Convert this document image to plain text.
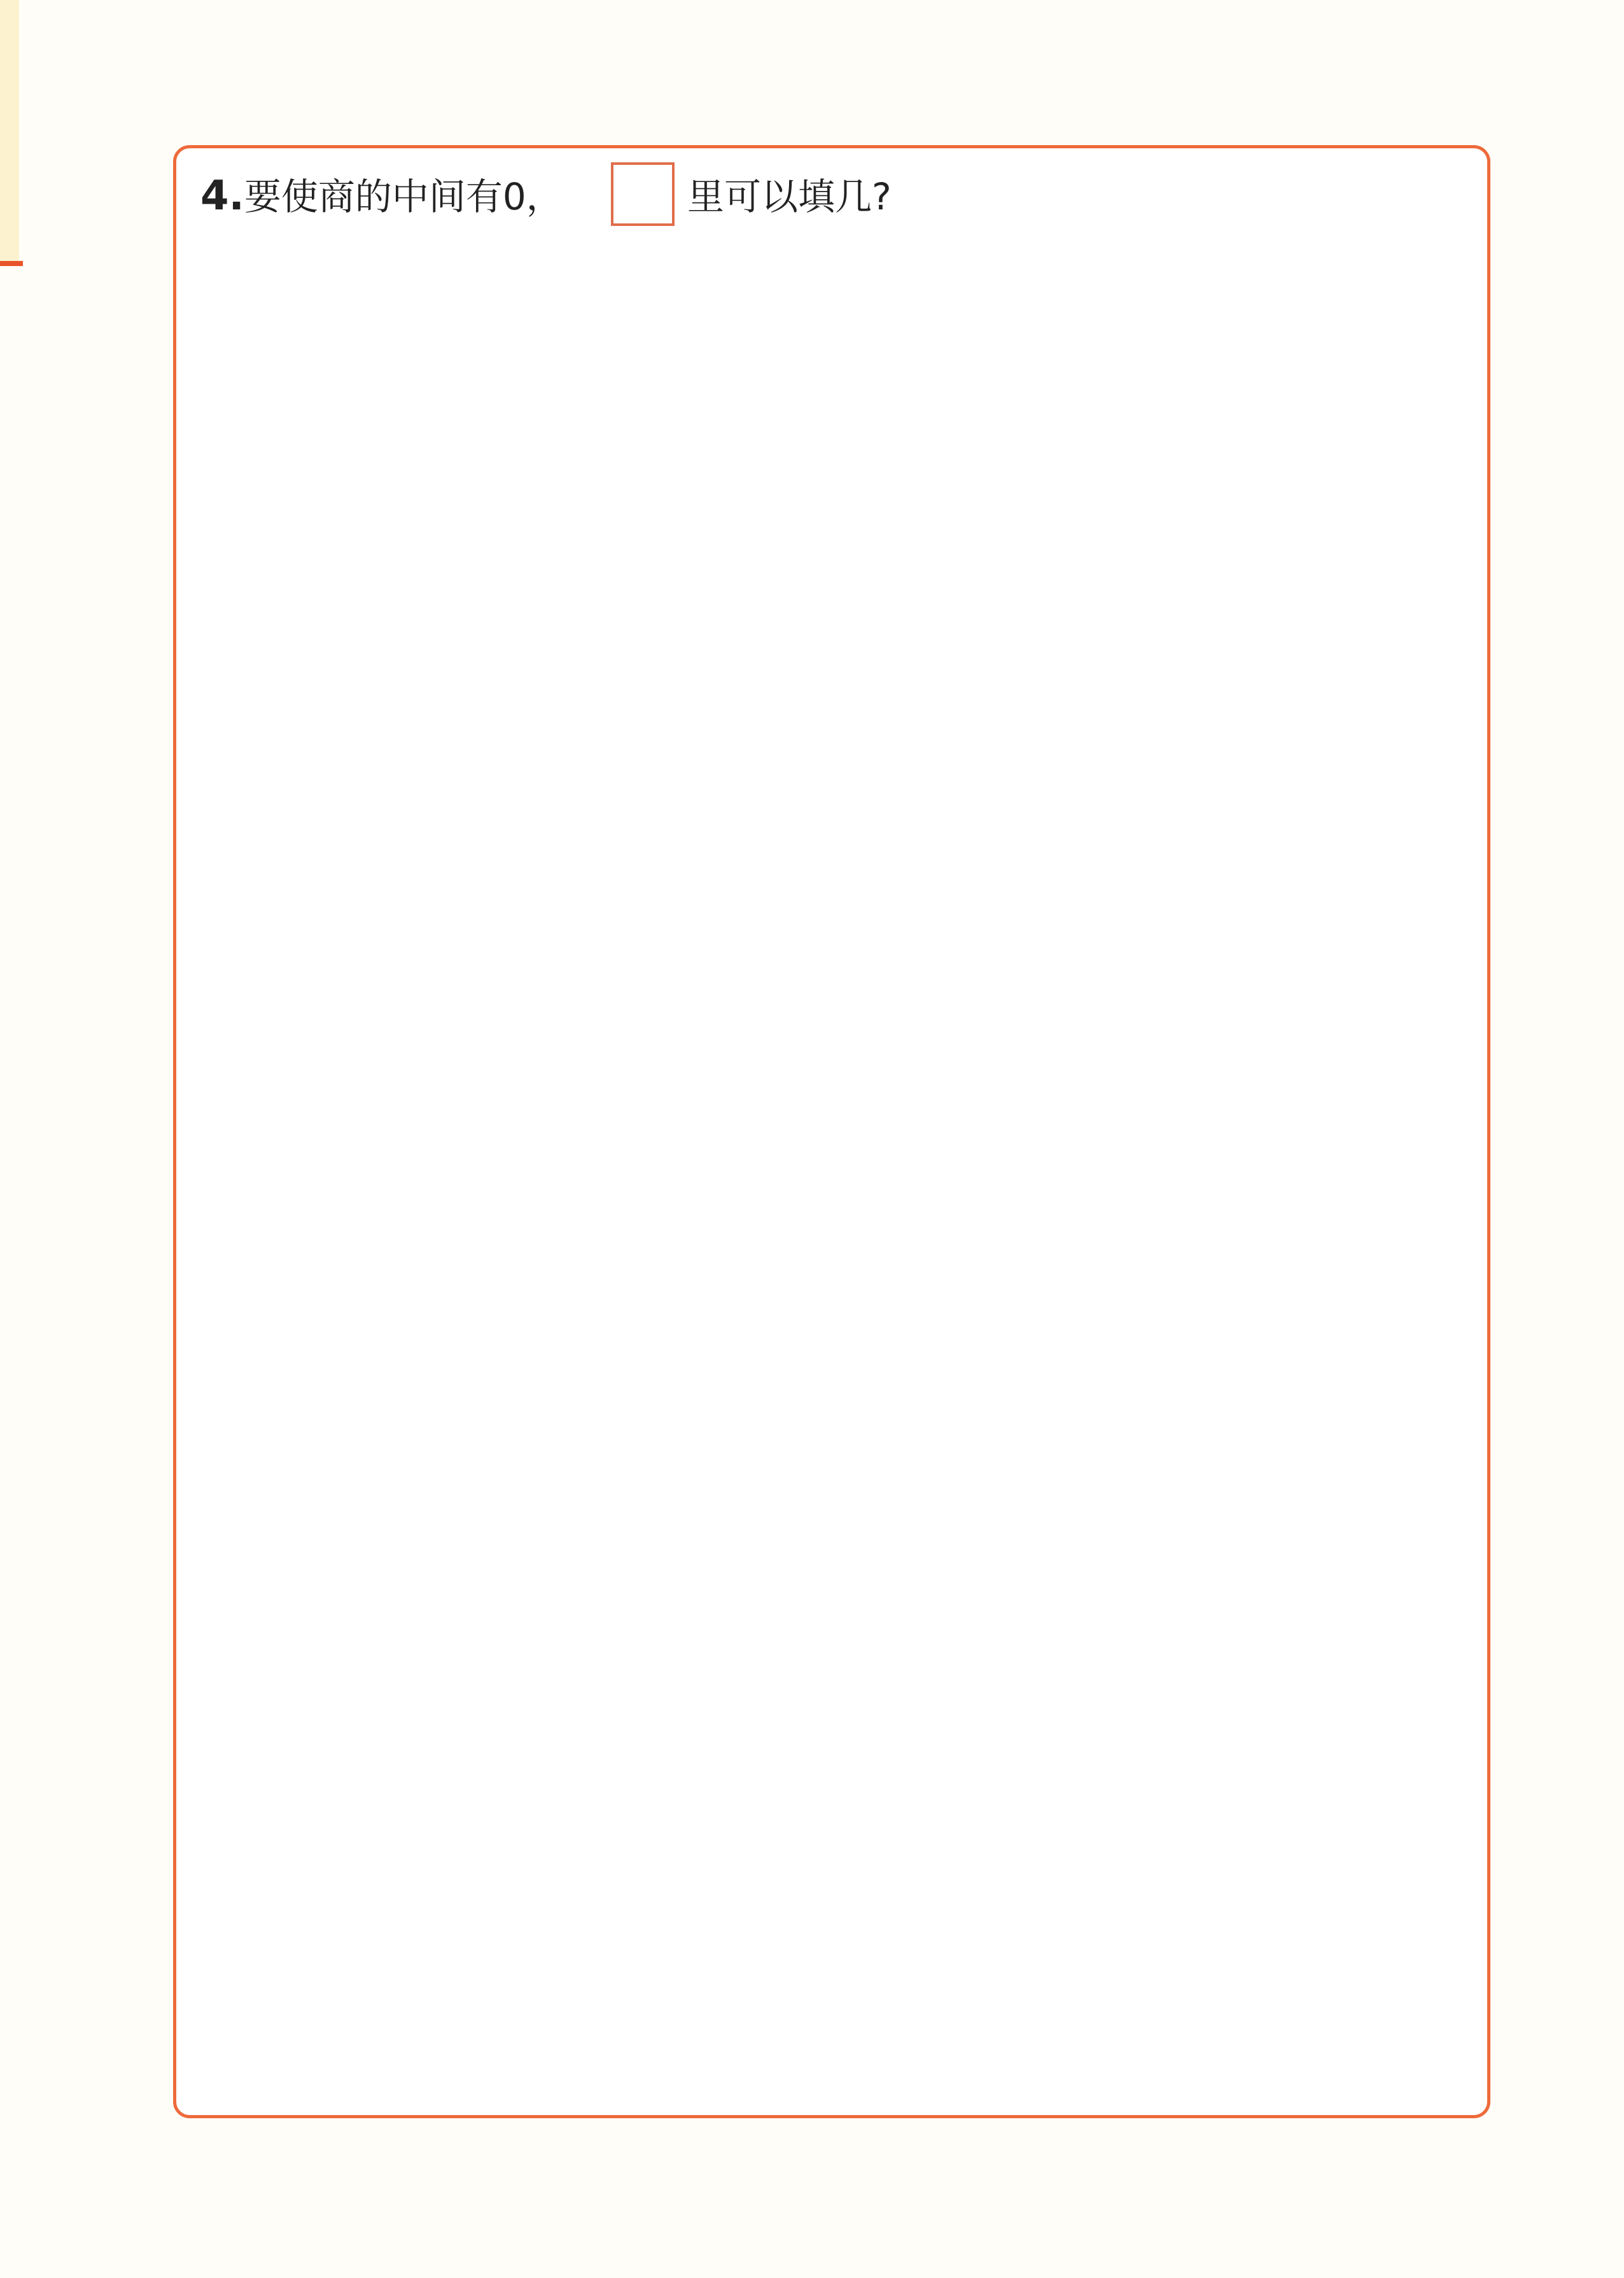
4.要使商的中间有0，	里可以填几?
